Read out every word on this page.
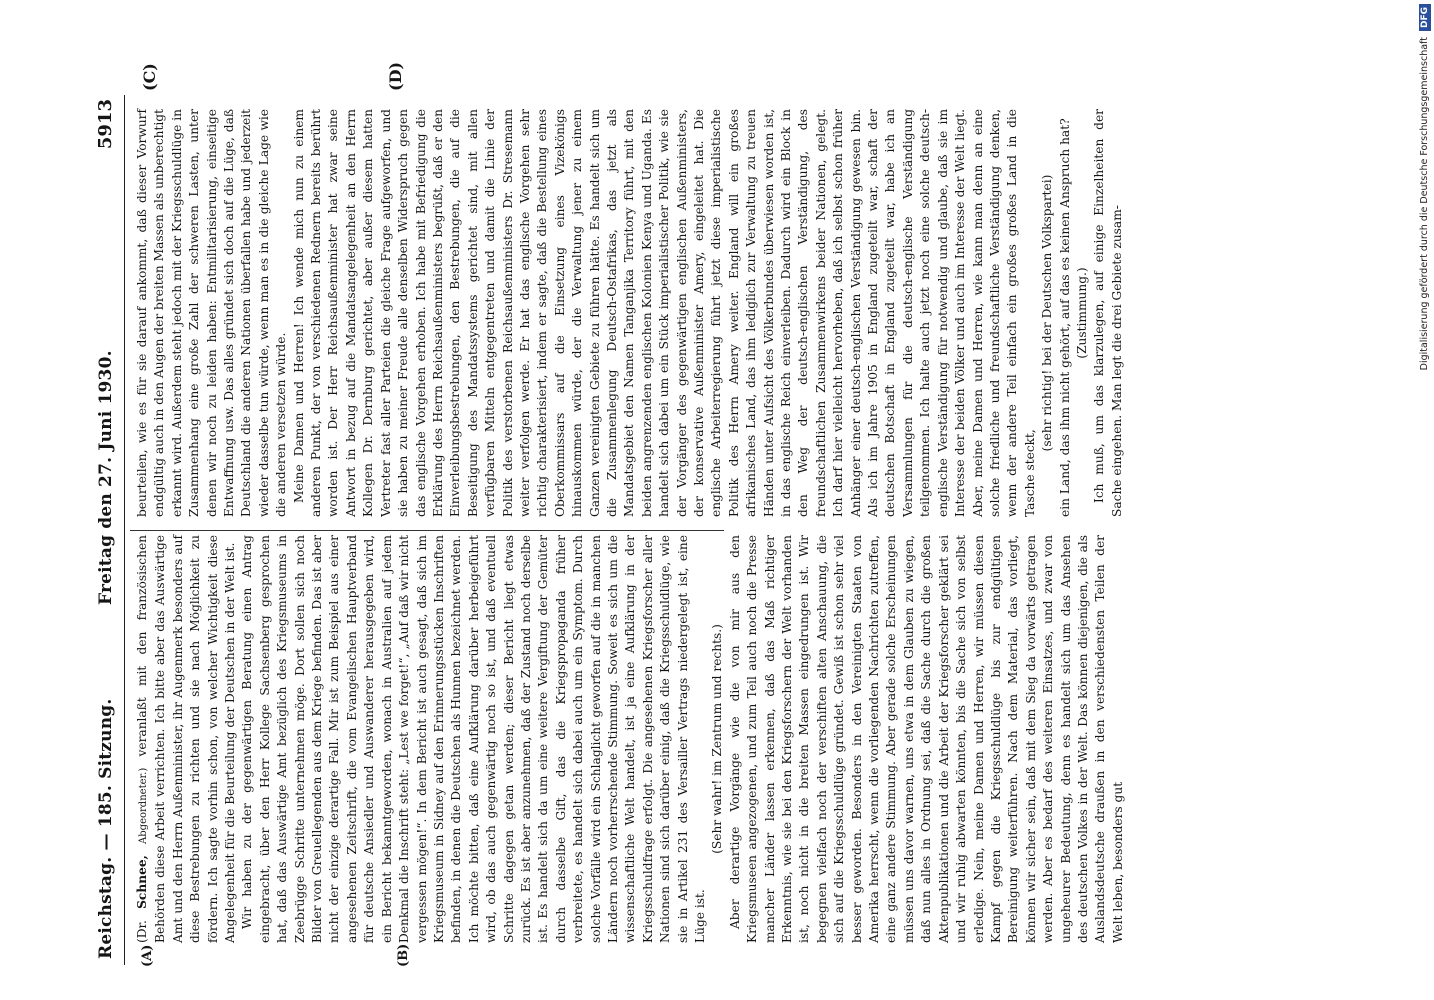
Reichstag. — 185. Sitzung.
Freitag den 27. Juni 1930.
5913
(A)	(B)
(C)	(D)

(Dr. Schnee, Abgeordneter.) veranlaßt mit den französischen Behörden diese Arbeit verrichten. Ich bitte aber das Auswärtige Amt und den Herrn Außenminister, ihr Augenmerk besonders auf diese Bestrebungen zu richten und sie nach Möglichkeit zu fördern. Ich sagte vorhin schon, von welcher Wichtigkeit diese Angelegenheit für die Beurteilung der Deutschen in der Welt ist. Wir haben zu der gegenwärtigen Beratung einen Antrag eingebracht, über den Herr Kollege Sachsenberg gesprochen hat, daß das Auswärtige Amt bezüglich des Kriegsmuseums in Zeebrügge Schritte unternehmen möge. Dort sollen sich noch Bilder von Greuellegenden aus dem Kriege befinden. Das ist aber nicht der einzige derartige Fall. Mir ist zum Beispiel aus einer angesehenen Zeitschrift, die vom Evangelischen Hauptverband für deutsche Ansiedler und Auswanderer herausgegeben wird, ein Bericht bekanntgeworden, wonach in Australien auf jedem Denkmal die Inschrift steht: „Lest we forget!“, „Auf daß wir nicht vergessen mögen!“. In dem Bericht ist auch gesagt, daß sich im Kriegsmuseum in Sidney auf den Erinnerungsstücken Inschriften befinden, in denen die Deutschen als Hunnen bezeichnet werden. Ich möchte bitten, daß eine Aufklärung darüber herbeigeführt wird, ob das auch gegenwärtig noch so ist, und daß eventuell Schritte dagegen getan werden; dieser Bericht liegt etwas zurück. Es ist aber anzunehmen, daß der Zustand noch derselbe ist. Es handelt sich da um eine weitere Vergiftung der Gemüter durch dasselbe Gift, das die Kriegspropaganda früher verbreitete, es handelt sich dabei auch um ein Symptom. Durch solche Vorfälle wird ein Schlaglicht geworfen auf die in manchen Ländern noch vorherrschende Stimmung. Soweit es sich um die wissenschaftliche Welt handelt, ist ja eine Aufklärung in der Kriegsschuldfrage erfolgt. Die angesehenen Kriegsforscher aller Nationen sind sich darüber einig, daß die Kriegsschuldlüge, wie sie in Artikel 231 des Versailler Vertrags niedergelegt ist, eine Lüge ist.

(Sehr wahr! im Zentrum und rechts.) Aber derartige Vorgänge wie die von mir aus den Kriegsmuseen angezogenen, und zum Teil auch noch die Presse mancher Länder lassen erkennen, daß das Maß richtiger Erkenntnis, wie sie bei den Kriegsforschern der Welt vorhanden ist, noch nicht in die breiten Massen eingedrungen ist. Wir begegnen vielfach noch der verschiften alten Anschauung, die sich auf die Kriegsschuldlüge gründet. Gewiß ist schon sehr viel besser geworden. Besonders in den Vereinigten Staaten von Amerika herrscht, wenn die vorliegenden Nachrichten zutreffen, eine ganz andere Stimmung. Aber gerade solche Erscheinungen müssen uns davor warnen, uns etwa in dem Glauben zu wiegen, daß nun alles in Ordnung sei, daß die Sache durch die großen Aktenpublikationen und die Arbeit der Kriegsforscher geklärt sei und wir ruhig abwarten könnten, bis die Sache sich von selbst erledige. Nein, meine Damen und Herren, wir müssen diesen Kampf gegen die Kriegsschuldlüge bis zur endgültigen Bereinigung weiterführen. Nach dem Material, das vorliegt, können wir sicher sein, daß mit dem Sieg da vorwärts getragen werden. Aber es bedarf des weiteren Einsatzes, und zwar von ungeheurer Bedeutung, denn es handelt sich um das Ansehen des deutschen Volkes in der Welt. Das können diejenigen, die als Auslandsdeutsche draußen in den verschiedensten Teilen der Welt leben, besonders gut

beurteilen, wie es für sie darauf ankommt, daß dieser Vorwurf endgültig auch in den Augen der breiten Massen als unberechtigt erkannt wird. Außerdem steht jedoch mit der Kriegsschuldlüge in Zusammenhang eine große Zahl der schweren Lasten, unter denen wir noch zu leiden haben: Entmilitarisierung, einseitige Entwaffnung usw. Das alles gründet sich doch auf die Lüge, daß Deutschland die anderen Nationen überfallen habe und jederzeit wieder dasselbe tun würde, wenn man es in die gleiche Lage wie die anderen versetzen würde. Meine Damen und Herren! Ich wende mich nun zu einem anderen Punkt, der von verschiedenen Rednern bereits berührt worden ist. Der Herr Reichsaußenminister hat zwar seine Antwort in bezug auf die Mandatsangelegenheit an den Herrn Kollegen Dr. Dernburg gerichtet, aber außer diesem hatten Vertreter fast aller Parteien die gleiche Frage aufgeworfen, und sie haben zu meiner Freude alle denselben Widerspruch gegen das englische Vorgehen erhoben. Ich habe mit Befriedigung die Erklärung des Herrn Reichsaußenministers begrüßt, daß er den Einverleibungsbestrebungen, den Bestrebungen, die auf die Beseitigung des Mandatssystems gerichtet sind, mit allen verfügbaren Mitteln entgegentreten und damit die Linie der Politik des verstorbenen Reichsaußenministers Dr. Stresemann weiter verfolgen werde. Er hat das englische Vorgehen sehr richtig charakterisiert, indem er sagte, daß die Bestellung eines Oberkommissars auf die Einsetzung eines Vizekönigs hinauskommen würde, der die Verwaltung jener zu einem Ganzen vereinigten Gebiete zu führen hätte. Es handelt sich um die Zusammenlegung Deutsch-Ostafrikas, das jetzt als Mandatsgebiet den Namen Tanganjika Territory führt, mit den beiden angrenzenden englischen Kolonien Kenya und Uganda. Es handelt sich dabei um ein Stück imperialistischer Politik, wie sie der Vorgänger des gegenwärtigen englischen Außenministers, der konservative Außenminister Amery, eingeleitet hat. Die englische Arbeiterregierung führt jetzt diese imperialistische Politik des Herrn Amery weiter. England will ein großes afrikanisches Land, das ihm lediglich zur Verwaltung zu treuen Händen unter Aufsicht des Völkerbundes überwiesen worden ist, in das englische Reich einverleiben. Dadurch wird ein Block in den Weg der deutsch-englischen Verständigung, des freundschaftlichen Zusammenwirkens beider Nationen, gelegt. Ich darf hier vielleicht hervorheben, daß ich selbst schon früher Anhänger einer deutsch-englischen Verständigung gewesen bin. Als ich im Jahre 1905 in England zugeteilt war, schaft der deutschen Botschaft in England zugeteilt war, habe ich an Versammlungen für die deutsch-englische Verständigung teilgenommen. Ich halte auch jetzt noch eine solche deutsch-englische Verständigung für notwendig und glaube, daß sie im Interesse der beiden Völker und auch im Interesse der Welt liegt. Aber, meine Damen und Herren, wie kann man denn an eine solche friedliche und freundschaftliche Verständigung denken, wenn der andere Teil einfach ein großes großes Land in die Tasche steckt,

(sehr richtig! bei der Deutschen Volkspartei) ein Land, das ihm nicht gehört, auf das es keinen Anspruch hat? (Zustimmung.) Ich muß, um das klarzulegen, auf einige Einzelheiten der Sache eingehen. Man legt die drei Gebiete zusam-	Digitalisierung gefördert durch die Deutsche Forschungsgemeinschaft DFG
